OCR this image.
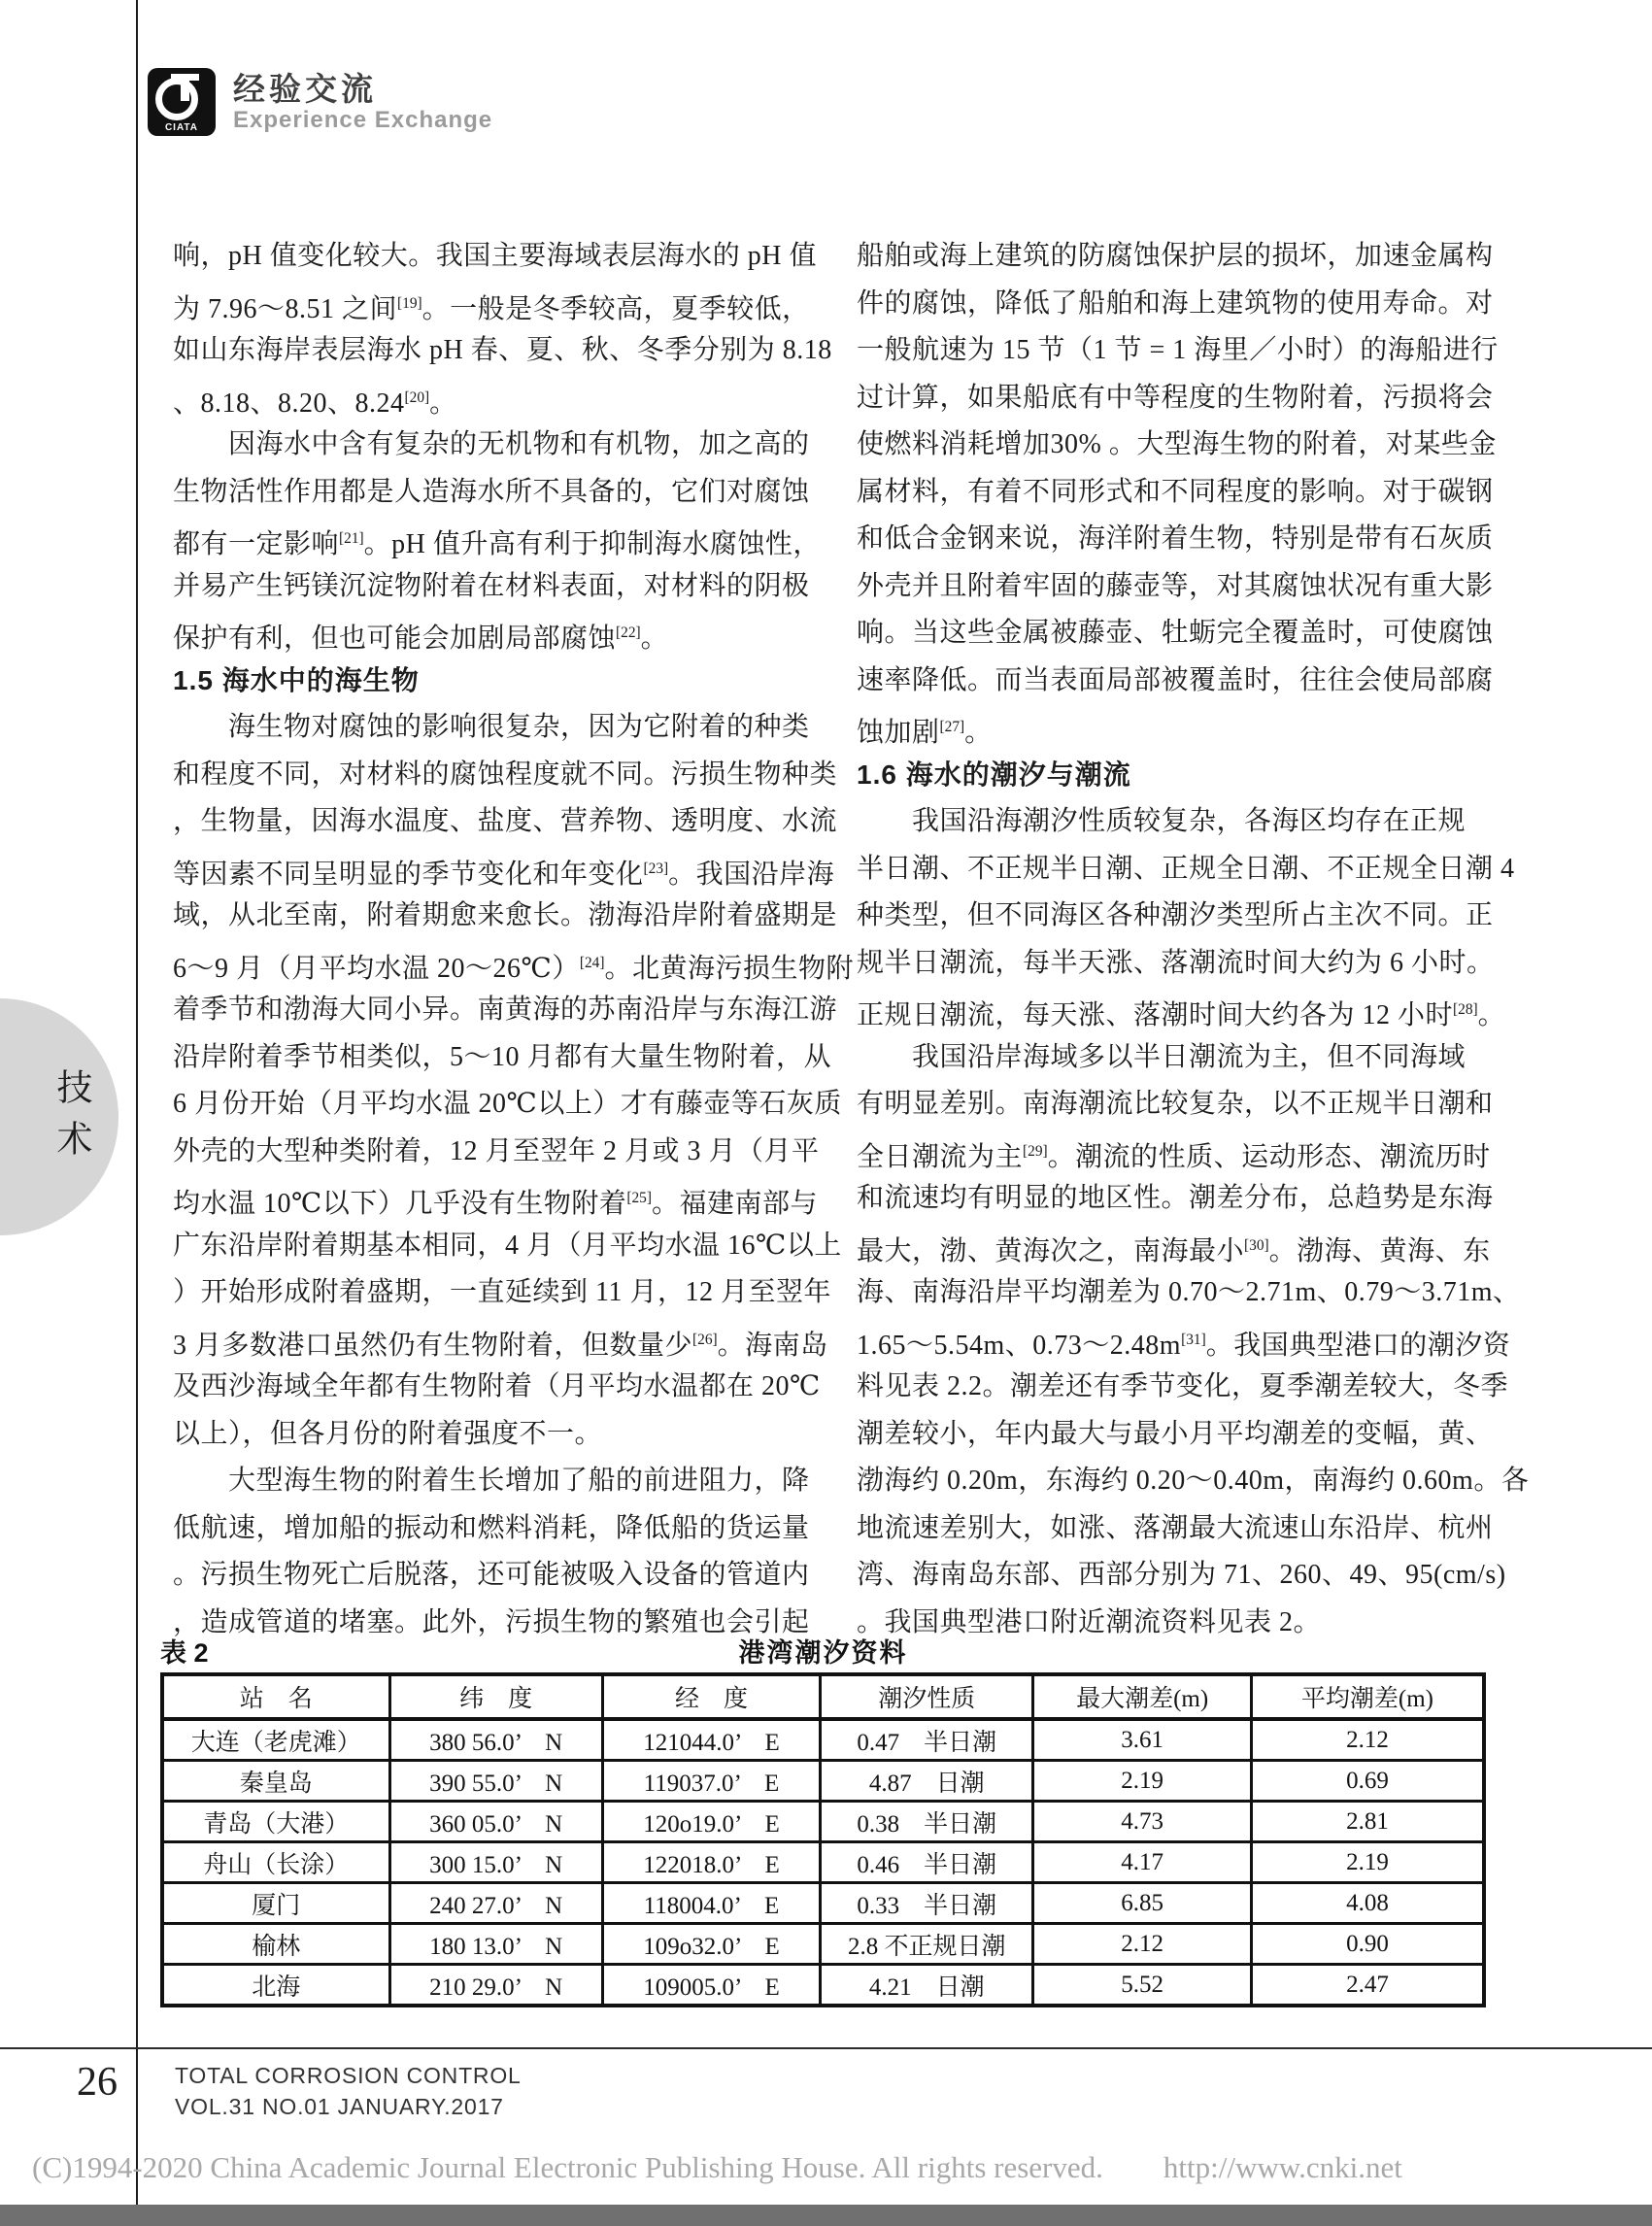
CIATA
经验交流
Experience Exchange
技术
响，pH 值变化较大。我国主要海域表层海水的 pH 值
为 7.96～8.51 之间[19]。一般是冬季较高，夏季较低，
如山东海岸表层海水 pH 春、夏、秋、冬季分别为 8.18
、8.18、8.20、8.24[20]。
　　因海水中含有复杂的无机物和有机物，加之高的
生物活性作用都是人造海水所不具备的，它们对腐蚀
都有一定影响[21]。pH 值升高有利于抑制海水腐蚀性，
并易产生钙镁沉淀物附着在材料表面，对材料的阴极
保护有利，但也可能会加剧局部腐蚀[22]。
1.5 海水中的海生物
　　海生物对腐蚀的影响很复杂，因为它附着的种类
和程度不同，对材料的腐蚀程度就不同。污损生物种类
，生物量，因海水温度、盐度、营养物、透明度、水流
等因素不同呈明显的季节变化和年变化[23]。我国沿岸海
域，从北至南，附着期愈来愈长。渤海沿岸附着盛期是
6～9 月（月平均水温 20～26℃）[24]。北黄海污损生物附
着季节和渤海大同小异。南黄海的苏南沿岸与东海江游
沿岸附着季节相类似，5～10 月都有大量生物附着，从
6 月份开始（月平均水温 20℃以上）才有藤壶等石灰质
外壳的大型种类附着，12 月至翌年 2 月或 3 月（月平
均水温 10℃以下）几乎没有生物附着[25]。福建南部与
广东沿岸附着期基本相同，4 月（月平均水温 16℃以上
）开始形成附着盛期，一直延续到 11 月，12 月至翌年
3 月多数港口虽然仍有生物附着，但数量少[26]。海南岛
及西沙海域全年都有生物附着（月平均水温都在 20℃
以上），但各月份的附着强度不一。
　　大型海生物的附着生长增加了船的前进阻力，降
低航速，增加船的振动和燃料消耗，降低船的货运量
。污损生物死亡后脱落，还可能被吸入设备的管道内
，造成管道的堵塞。此外，污损生物的繁殖也会引起
船舶或海上建筑的防腐蚀保护层的损坏，加速金属构
件的腐蚀，降低了船舶和海上建筑物的使用寿命。对
一般航速为 15 节（1 节 = 1 海里／小时）的海船进行
过计算，如果船底有中等程度的生物附着，污损将会
使燃料消耗增加30% 。大型海生物的附着，对某些金
属材料，有着不同形式和不同程度的影响。对于碳钢
和低合金钢来说，海洋附着生物，特别是带有石灰质
外壳并且附着牢固的藤壶等，对其腐蚀状况有重大影
响。当这些金属被藤壶、牡蛎完全覆盖时，可使腐蚀
速率降低。而当表面局部被覆盖时，往往会使局部腐
蚀加剧[27]。
1.6 海水的潮汐与潮流
　　我国沿海潮汐性质较复杂，各海区均存在正规
半日潮、不正规半日潮、正规全日潮、不正规全日潮 4
种类型，但不同海区各种潮汐类型所占主次不同。正
规半日潮流，每半天涨、落潮流时间大约为 6 小时。
正规日潮流，每天涨、落潮时间大约各为 12 小时[28]。
　　我国沿岸海域多以半日潮流为主，但不同海域
有明显差别。南海潮流比较复杂，以不正规半日潮和
全日潮流为主[29]。潮流的性质、运动形态、潮流历时
和流速均有明显的地区性。潮差分布，总趋势是东海
最大，渤、黄海次之，南海最小[30]。渤海、黄海、东
海、南海沿岸平均潮差为 0.70～2.71m、0.79～3.71m、
1.65～5.54m、0.73～2.48m[31]。我国典型港口的潮汐资
料见表 2.2。潮差还有季节变化，夏季潮差较大，冬季
潮差较小，年内最大与最小月平均潮差的变幅，黄、
渤海约 0.20m，东海约 0.20～0.40m，南海约 0.60m。各
地流速差别大，如涨、落潮最大流速山东沿岸、杭州
湾、海南岛东部、西部分别为 71、260、49、95(cm/s)
。我国典型港口附近潮流资料见表 2。
表 2	港湾潮汐资料
站　名	纬　度	经　度	潮汐性质	最大潮差(m)	平均潮差(m)
大连（老虎滩）	380 56.0’　N	121044.0’　E	0.47　半日潮	3.61	2.12
秦皇岛	390 55.0’　N	119037.0’　E	4.87　日潮	2.19	0.69
青岛（大港）	360 05.0’　N	120o19.0’　E	0.38　半日潮	4.73	2.81
舟山（长涂）	300 15.0’　N	122018.0’　E	0.46　半日潮	4.17	2.19
厦门	240 27.0’　N	118004.0’　E	0.33　半日潮	6.85	4.08
榆林	180 13.0’　N	109o32.0’　E	2.8 不正规日潮	2.12	0.90
北海	210 29.0’　N	109005.0’　E	4.21　日潮	5.52	2.47
26	TOTAL CORROSION CONTROL
VOL.31 NO.01 JANUARY.2017
(C)1994-2020 China Academic Journal Electronic Publishing House. All rights reserved.　　http://www.cnki.net
